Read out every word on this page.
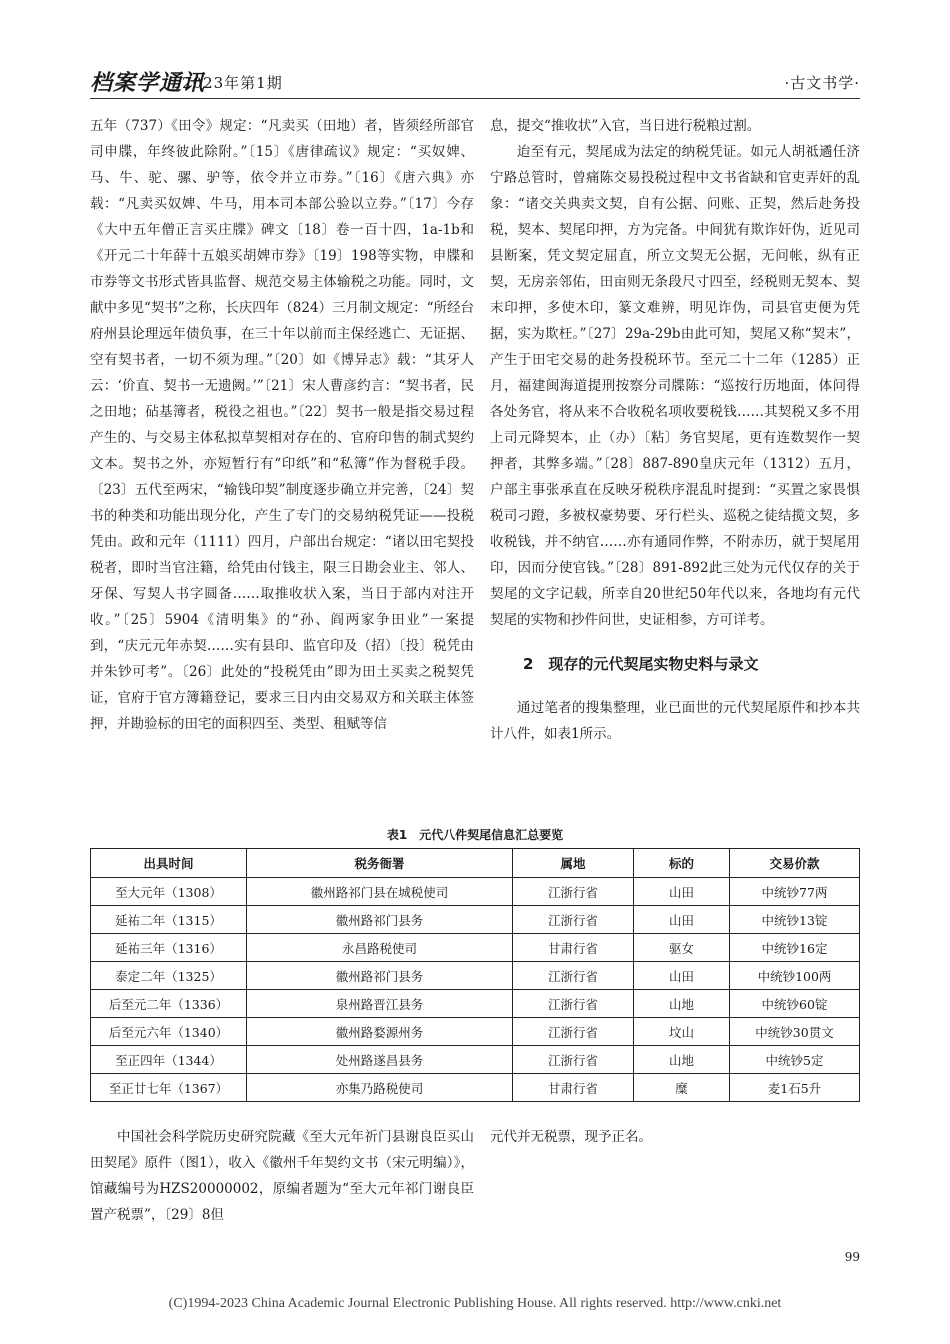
档案学通讯
2023年第1期	·古文书学·

五年（737）《田令》规定：“凡卖买（田地）者，皆须经所部官司申牒，年终彼此除附。”〔15〕《唐律疏议》规定：“买奴婢、马、牛、驼、骡、驴等，依令并立市券。”〔16〕《唐六典》亦载：“凡卖买奴婢、牛马，用本司本部公验以立券。”〔17〕今存《大中五年僧正言买庄牒》碑文〔18〕卷一百十四，1a-1b和《开元二十年薛十五娘买胡婢市券》〔19〕198等实物，申牒和市券等文书形式皆具监督、规范交易主体输税之功能。同时，文献中多见“契书”之称，长庆四年（824）三月制文规定：“所经台府州县论理远年债负事，在三十年以前而主保经逃亡、无证据、空有契书者，一切不须为理。”〔20〕如《博异志》载：“其牙人云：‘价直、契书一无遗阙。’”〔21〕宋人曹彦约言：“契书者，民之田地；砧基簿者，税役之祖也。”〔22〕契书一般是指交易过程产生的、与交易主体私拟草契相对存在的、官府印售的制式契约文本。契书之外，亦短暂行有“印纸”和“私簿”作为督税手段。〔23〕五代至两宋，“输钱印契”制度逐步确立并完善，〔24〕契书的种类和功能出现分化，产生了专门的交易纳税凭证——投税凭由。政和元年（1111）四月，户部出台规定：“诸以田宅契投税者，即时当官注籍，给凭由付钱主，限三日勘会业主、邻人、牙保、写契人书字圆备……取推收状入案，当日于部内对注开收。”〔25〕5904《清明集》的“孙、阎两家争田业”一案提到，“庆元元年赤契……实有县印、监官印及（招）〔投〕税凭由并朱钞可考”。〔26〕此处的“投税凭由”即为田土买卖之税契凭证，官府于官方簿籍登记，要求三日内由交易双方和关联主体签押，并勘验标的田宅的面积四至、类型、租赋等信

息，提交“推收状”入官，当日进行税粮过割。

迨至有元，契尾成为法定的纳税凭证。如元人胡祗遹任济宁路总管时，曾痛陈交易投税过程中文书省缺和官吏弄奸的乱象：“诸交关典卖文契，自有公据、问账、正契，然后赴务投税，契本、契尾印押，方为完备。中间犹有欺诈奸伪，近见司县断案，凭文契定屈直，所立文契无公据，无问帐，纵有正契，无房亲邻佑，田亩则无条段尺寸四至，经税则无契本、契末印押，多使木印，篆文难辨，明见诈伪，司县官吏便为凭据，实为欺枉。”〔27〕29a-29b由此可知，契尾又称“契末”，产生于田宅交易的赴务投税环节。至元二十二年（1285）正月，福建闽海道提刑按察分司牒陈：“巡按行历地面，体问得各处务官，将从来不合收税名项收要税钱……其契税又多不用上司元降契本，止（办）〔粘〕务官契尾，更有连数契作一契押者，其弊多端。”〔28〕887-890皇庆元年（1312）五月，户部主事张承直在反映牙税秩序混乱时提到：“买置之家畏惧税司刁蹬，多被权豪势要、牙行栏头、巡税之徒结揽文契，多收税钱，并不纳官……亦有通同作弊，不附赤历，就于契尾用印，因而分使官钱。”〔28〕891-892此三处为元代仅存的关于契尾的文字记载，所幸自20世纪50年代以来，各地均有元代契尾的实物和抄件问世，史证相参，方可详考。

2　现存的元代契尾实物史料与录文

通过笔者的搜集整理，业已面世的元代契尾原件和抄本共计八件，如表1所示。

表1　元代八件契尾信息汇总要览
出具时间	税务衙署	属地	标的	交易价款
至大元年（1308）	徽州路祁门县在城税使司	江浙行省	山田	中统钞77两
延祐二年（1315）	徽州路祁门县务	江浙行省	山田	中统钞13锭
延祐三年（1316）	永昌路税使司	甘肃行省	驱女	中统钞16定
泰定二年（1325）	徽州路祁门县务	江浙行省	山田	中统钞100两
后至元二年（1336）	泉州路晋江县务	江浙行省	山地	中统钞60锭
后至元六年（1340）	徽州路婺源州务	江浙行省	坟山	中统钞30贯文
至正四年（1344）	处州路遂昌县务	江浙行省	山地	中统钞5定
至正廿七年（1367）	亦集乃路税使司	甘肃行省	糜	麦1石5升

中国社会科学院历史研究院藏《至大元年祈门县谢良臣买山田契尾》原件（图1），收入《徽州千年契约文书（宋元明编）》，馆藏编号为HZS20000002，原编者题为“至大元年祁门谢良臣置产税票”，〔29〕8但

元代并无税票，现予正名。

99
(C)1994-2023 China Academic Journal Electronic Publishing House. All rights reserved. http://www.cnki.net
